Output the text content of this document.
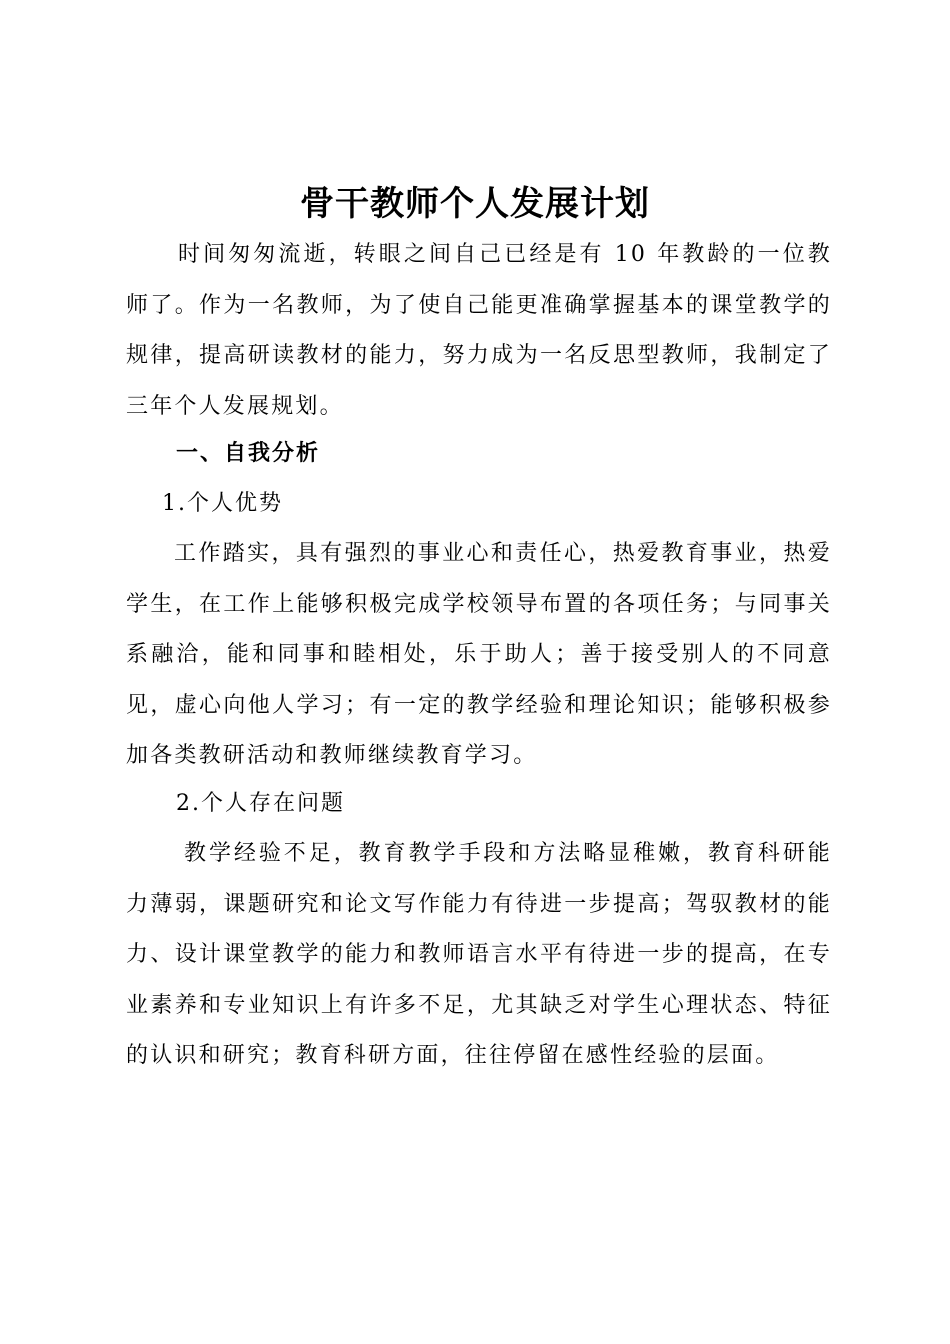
骨干教师个人发展计划
时间匆匆流逝，转眼之间自己已经是有 10 年教龄的一位教师了。作为一名教师，为了使自己能更准确掌握基本的课堂教学的规律，提高研读教材的能力，努力成为一名反思型教师，我制定了三年个人发展规划。
一、自我分析
1.个人优势
工作踏实，具有强烈的事业心和责任心，热爱教育事业，热爱学生，在工作上能够积极完成学校领导布置的各项任务；与同事关系融洽，能和同事和睦相处，乐于助人；善于接受别人的不同意见，虚心向他人学习；有一定的教学经验和理论知识；能够积极参加各类教研活动和教师继续教育学习。
2.个人存在问题
教学经验不足，教育教学手段和方法略显稚嫩，教育科研能力薄弱，课题研究和论文写作能力有待进一步提高；驾驭教材的能力、设计课堂教学的能力和教师语言水平有待进一步的提高，在专业素养和专业知识上有许多不足，尤其缺乏对学生心理状态、特征的认识和研究；教育科研方面，往往停留在感性经验的层面。
